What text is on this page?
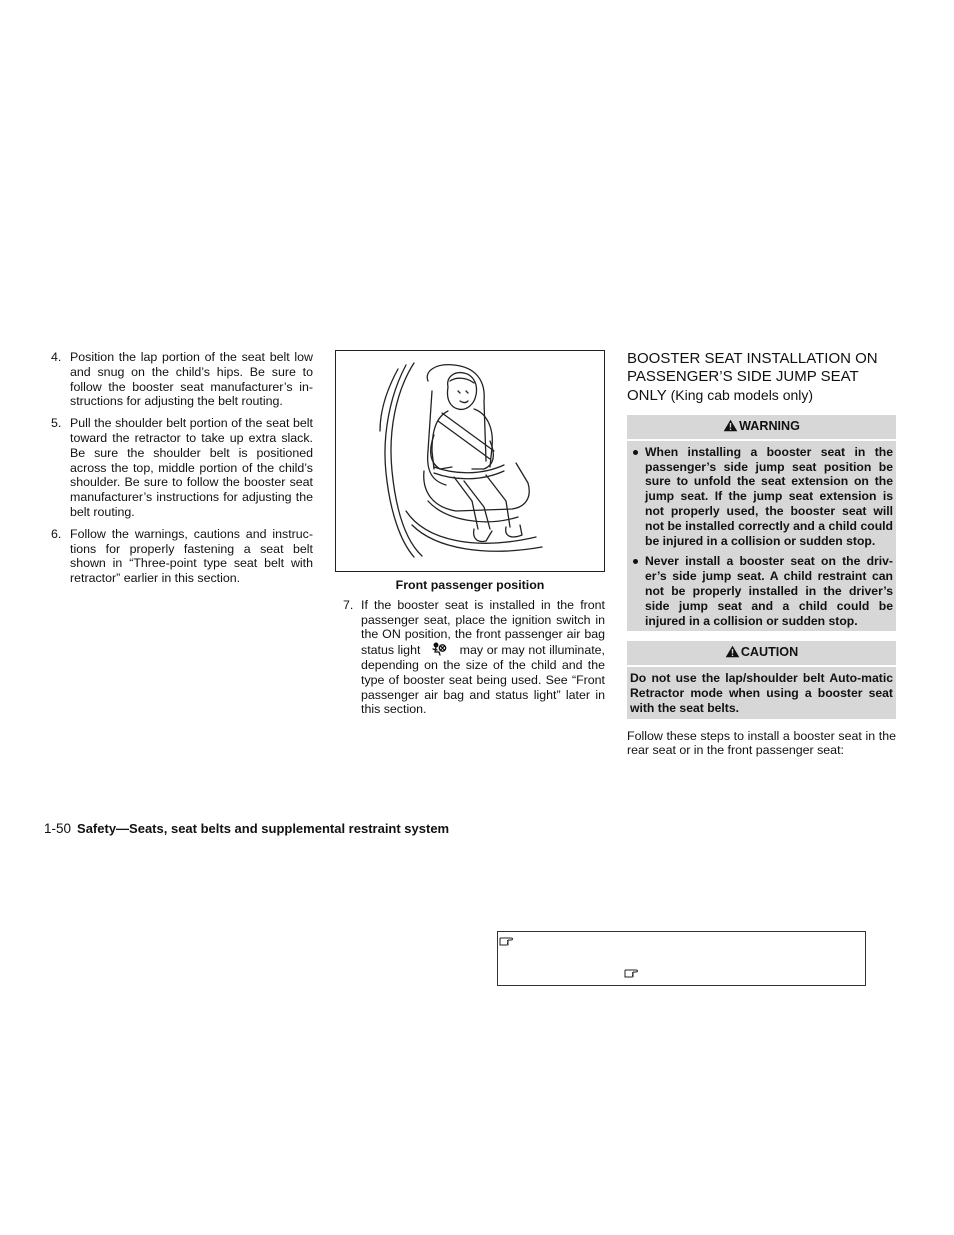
4. Position the lap portion of the seat belt low and snug on the child’s hips. Be sure to follow the booster seat manufacturer’s in-structions for adjusting the belt routing.
5. Pull the shoulder belt portion of the seat belt toward the retractor to take up extra slack. Be sure the shoulder belt is positioned across the top, middle portion of the child’s shoulder. Be sure to follow the booster seat manufacturer’s instructions for adjusting the belt routing.
6. Follow the warnings, cautions and instruc-tions for properly fastening a seat belt shown in “Three-point type seat belt with retractor” earlier in this section.	Front passenger position
7. If the booster seat is installed in the front passenger seat, place the ignition switch in the ON position, the front passenger air bag status light	may or may not illuminate, depending on the size of the child and the type of booster seat being used. See “Front passenger air bag and status light” later in this section.
BOOSTER SEAT INSTALLATION ON PASSENGER’S SIDE JUMP SEAT ONLY (King cab models only)
WARNING
When installing a booster seat in the passenger’s side jump seat position be sure to unfold the seat extension on the jump seat. If the jump seat extension is not properly used, the booster seat will not be installed correctly and a child could be injured in a collision or sudden stop.
Never install a booster seat on the driv-er’s side jump seat. A child restraint can not be properly installed in the driver’s side jump seat and a child could be injured in a collision or sudden stop.
CAUTION
Do not use the lap/shoulder belt Auto-matic Retractor mode when using a booster seat with the seat belts.
Follow these steps to install a booster seat in the rear seat or in the front passenger seat:
1-50 Safety—Seats, seat belts and supplemental restraint system
